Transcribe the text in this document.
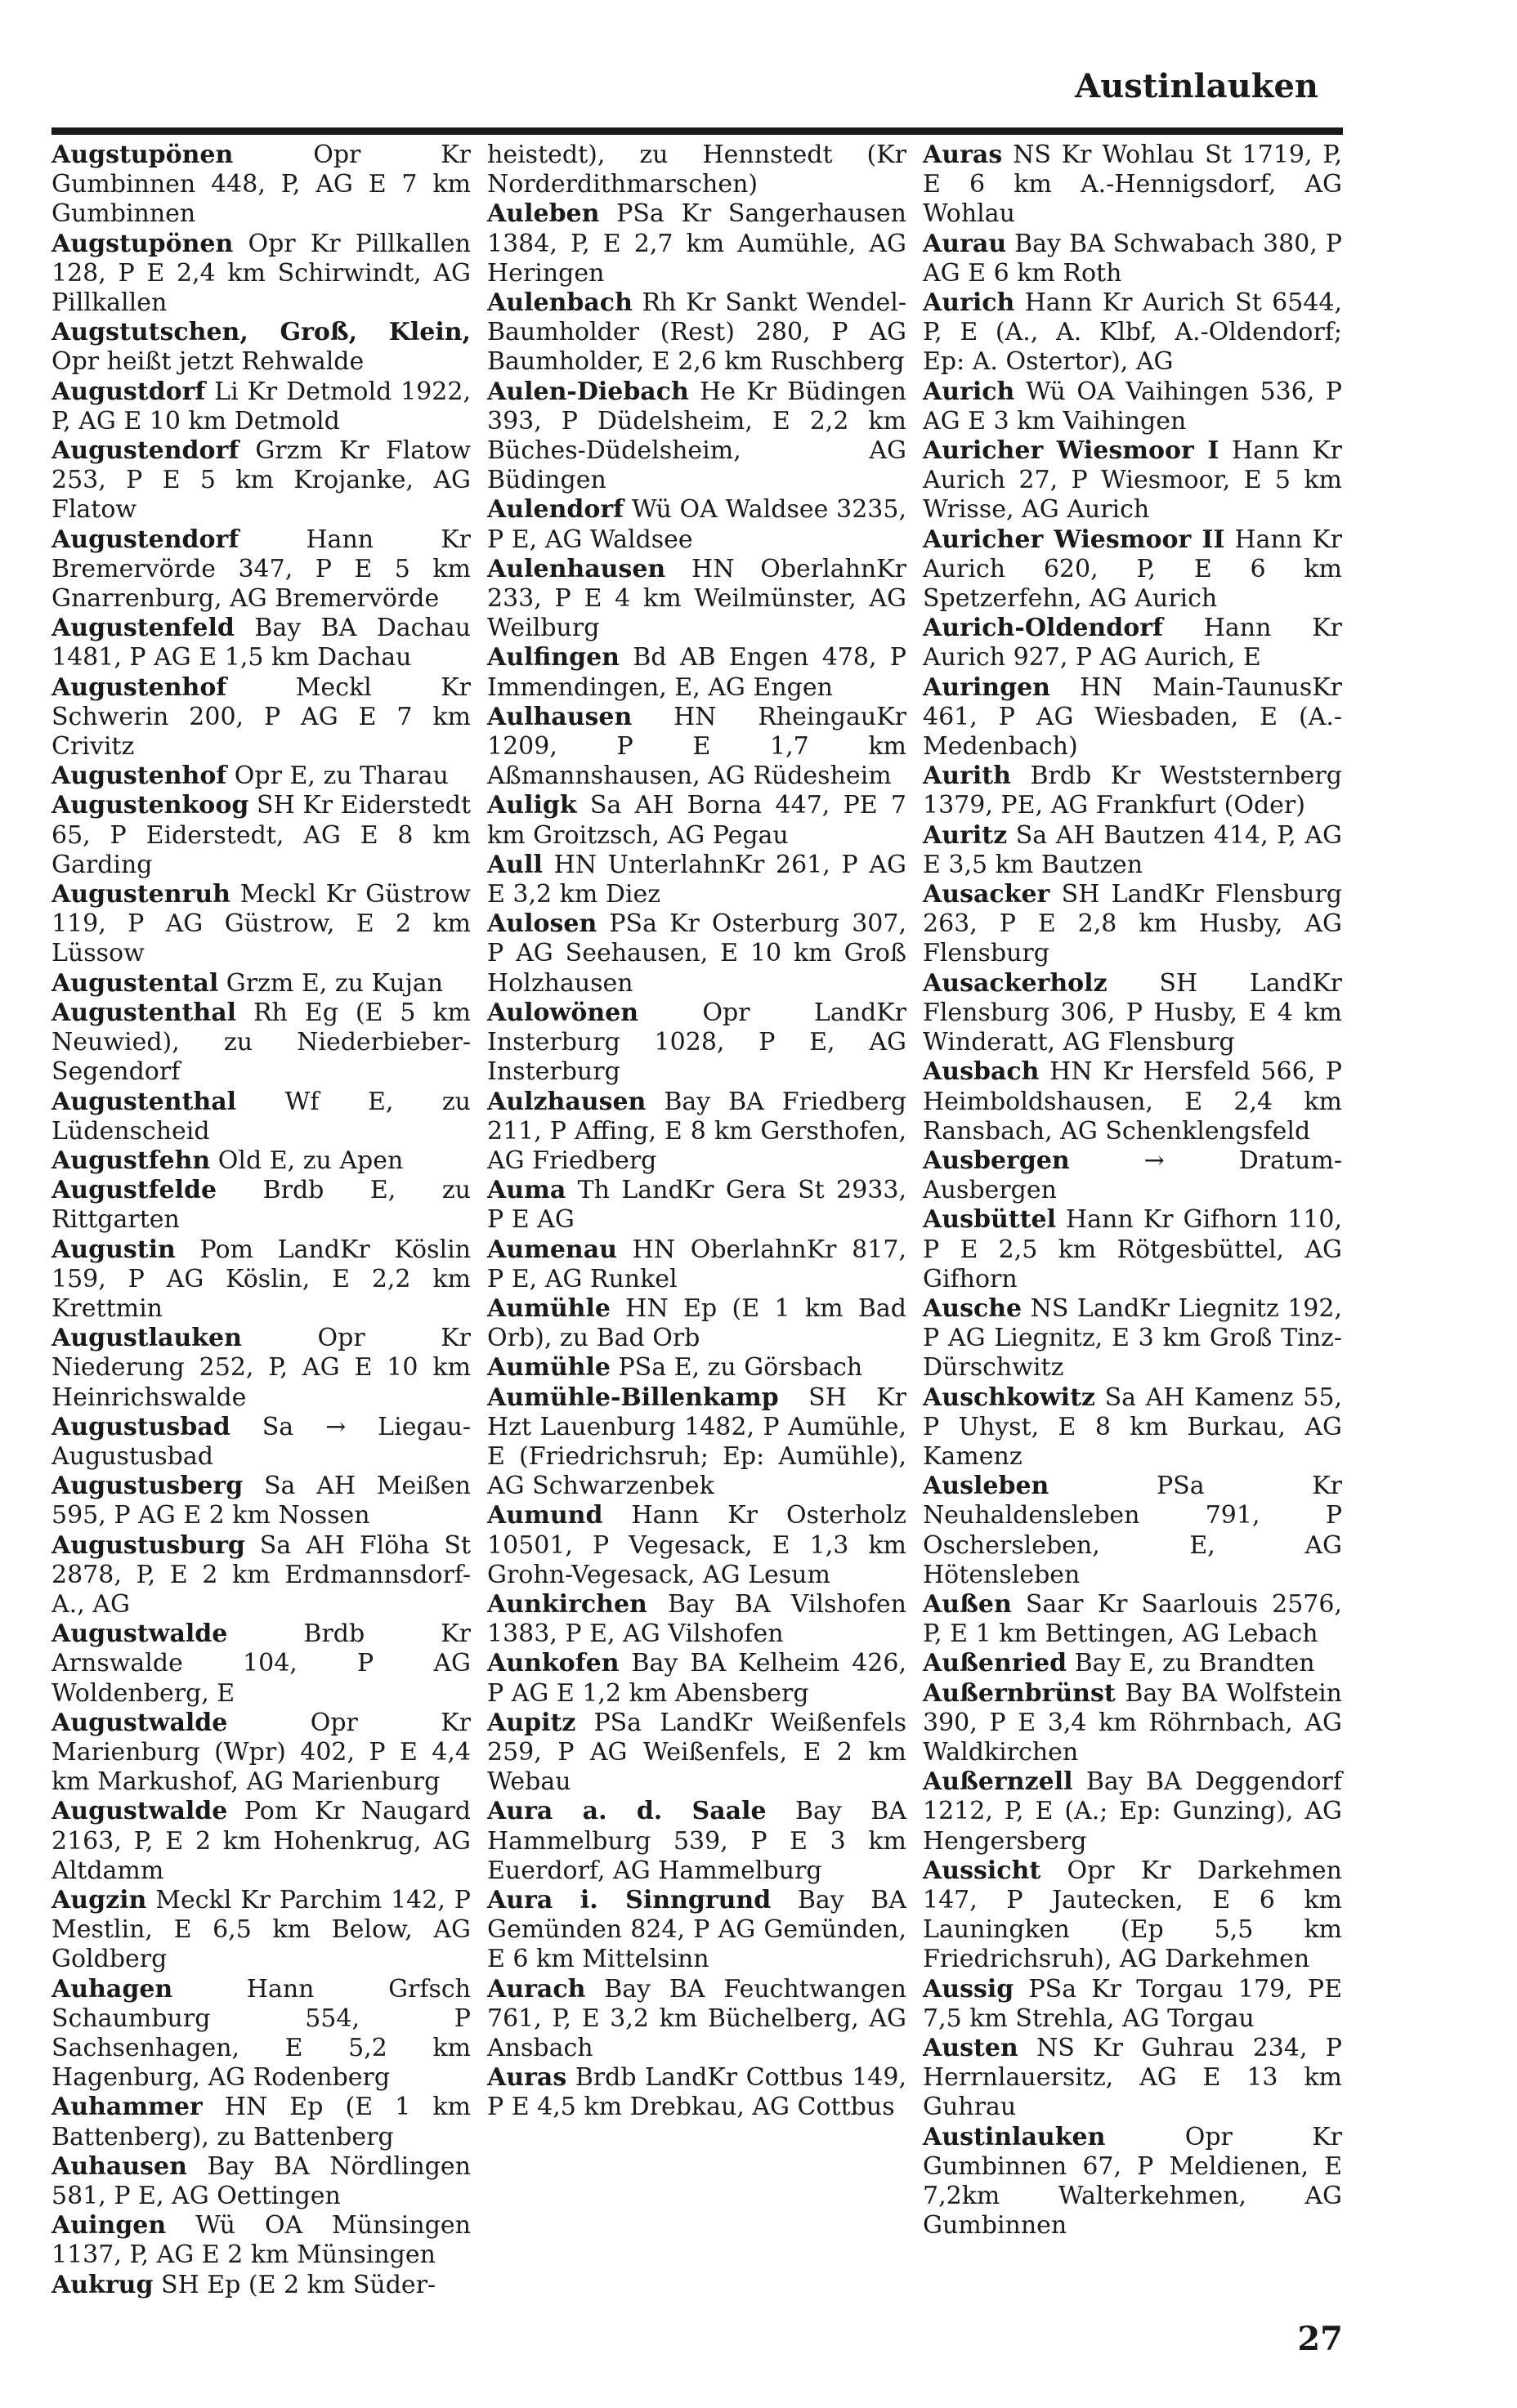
Austinlauken

Augstupönen	Opr Kr Gumbinnen 448, P, AG E 7 km Gumbinnen

Augstupönen Opr Kr Pillkallen 128, P E 2,4 km Schirwindt, AG Pillkallen

Augstutschen, Groß, Klein, Opr heißt jetzt Rehwalde

Augustdorf Li Kr Detmold 1922, P, AG E 10 km Detmold

Augustendorf Grzm Kr Flatow 253, P E 5 km Krojanke, AG Flatow

Augustendorf	Hann Kr Bremervörde 347, P E 5 km Gnarrenburg, AG Bremervörde

Augustenfeld Bay BA Dachau 1481, P AG E 1,5 km Dachau

Augustenhof	Meckl Kr Schwerin 200, P AG E 7 km Crivitz

Augustenhof Opr E, zu Tharau

Augustenkoog SH Kr Eiderstedt 65, P Eiderstedt, AG E 8 km Garding

Augustenruh Meckl Kr Güstrow 119, P AG Güstrow, E 2 km Lüssow

Augustental Grzm E, zu Kujan

Augustenthal Rh Eg (E 5 km Neuwied), zu Niederbieber-Segendorf

Augustenthal Wf E, zu Lüdenscheid

Augustfehn Old E, zu Apen

Augustfelde Brdb E, zu Rittgarten

Augustin Pom LandKr Köslin 159, P AG Köslin, E 2,2 km Krettmin

Augustlauken	Opr Kr Niederung 252, P, AG E 10 km Heinrichswalde

Augustusbad Sa → Liegau-Augustusbad

Augustusberg Sa AH Meißen 595, P AG E 2 km Nossen

Augustusburg Sa AH Flöha St 2878, P, E 2 km Erdmannsdorf-A., AG

Augustwalde	Brdb Kr Arnswalde 104, P AG Woldenberg, E

Augustwalde	Opr Kr Marienburg (Wpr) 402, P E 4,4 km Markushof, AG Marienburg

Augustwalde Pom Kr Naugard 2163, P, E 2 km Hohenkrug, AG Altdamm

Augzin Meckl Kr Parchim 142, P Mestlin, E 6,5 km Below, AG Goldberg

Auhagen	Hann Grfsch Schaumburg 554, P Sachsenhagen, E 5,2 km Hagenburg, AG Rodenberg

Auhammer HN Ep (E 1 km Battenberg), zu Battenberg

Auhausen Bay BA Nördlingen 581, P E, AG Oettingen

Auingen Wü OA Münsingen 1137, P, AG E 2 km Münsingen

Aukrug SH Ep (E 2 km Süder-

heistedt), zu Hennstedt (Kr Norderdithmarschen)

Auleben PSa Kr Sangerhausen 1384, P, E 2,7 km Aumühle, AG Heringen

Aulenbach Rh Kr Sankt Wendel-Baumholder (Rest) 280, P AG Baumholder, E 2,6 km Ruschberg

Aulen-Diebach He Kr Büdingen 393, P Düdelsheim, E 2,2 km Büches-Düdelsheim, AG Büdingen

Aulendorf Wü OA Waldsee 3235, P E, AG Waldsee

Aulenhausen HN OberlahnKr 233, P E 4 km Weilmünster, AG Weilburg

Aulfingen Bd AB Engen 478, P Immendingen, E, AG Engen

Aulhausen HN RheingauKr 1209, P E 1,7 km Aßmannshausen, AG Rüdesheim

Auligk Sa AH Borna 447, PE 7 km Groitzsch, AG Pegau

Aull HN UnterlahnKr 261, P AG E 3,2 km Diez

Aulosen PSa Kr Osterburg 307, P AG Seehausen, E 10 km Groß Holzhausen

Aulowönen	Opr LandKr Insterburg 1028, P E, AG Insterburg

Aulzhausen Bay BA Friedberg 211, P Affing, E 8 km Gersthofen, AG Friedberg

Auma Th LandKr Gera St 2933, P E AG

Aumenau HN OberlahnKr 817, P E, AG Runkel

Aumühle HN Ep (E 1 km Bad Orb), zu Bad Orb

Aumühle PSa E, zu Görsbach

Aumühle-Billenkamp SH Kr Hzt Lauenburg 1482, P Aumühle, E (Friedrichsruh; Ep: Aumühle), AG Schwarzenbek

Aumund Hann Kr Osterholz 10501, P Vegesack, E 1,3 km Grohn-Vegesack, AG Lesum

Aunkirchen Bay BA Vilshofen 1383, P E, AG Vilshofen

Aunkofen Bay BA Kelheim 426, P AG E 1,2 km Abensberg

Aupitz PSa LandKr Weißenfels 259, P AG Weißenfels, E 2 km Webau

Aura a. d. Saale Bay BA Hammelburg 539, P E 3 km Euerdorf, AG Hammelburg

Aura i. Sinngrund Bay BA Gemünden 824, P AG Gemünden, E 6 km Mittelsinn

Aurach Bay BA Feuchtwangen 761, P, E 3,2 km Büchelberg, AG Ansbach

Auras Brdb LandKr Cottbus 149, P E 4,5 km Drebkau, AG Cottbus

Auras NS Kr Wohlau St 1719, P, E 6 km A.-Hennigsdorf, AG Wohlau

Aurau Bay BA Schwabach 380, P AG E 6 km Roth

Aurich Hann Kr Aurich St 6544, P, E (A., A. Klbf, A.-Oldendorf; Ep: A. Ostertor), AG

Aurich Wü OA Vaihingen 536, P AG E 3 km Vaihingen

Auricher Wiesmoor I Hann Kr Aurich 27, P Wiesmoor, E 5 km Wrisse, AG Aurich

Auricher Wiesmoor II Hann Kr Aurich 620, P, E 6 km Spetzerfehn, AG Aurich

Aurich-Oldendorf Hann Kr Aurich 927, P AG Aurich, E

Auringen HN Main-TaunusKr 461, P AG Wiesbaden, E (A.-Medenbach)

Aurith Brdb Kr Weststernberg 1379, PE, AG Frankfurt (Oder)

Auritz Sa AH Bautzen 414, P, AG E 3,5 km Bautzen

Ausacker SH LandKr Flensburg 263, P E 2,8 km Husby, AG Flensburg

Ausackerholz SH LandKr Flensburg 306, P Husby, E 4 km Winderatt, AG Flensburg

Ausbach HN Kr Hersfeld 566, P Heimboldshausen, E 2,4 km Ransbach, AG Schenklengsfeld

Ausbergen	→ Dratum-Ausbergen

Ausbüttel Hann Kr Gifhorn 110, P E 2,5 km Rötgesbüttel, AG Gifhorn

Ausche NS LandKr Liegnitz 192, P AG Liegnitz, E 3 km Groß Tinz-Dürschwitz

Auschkowitz Sa AH Kamenz 55, P Uhyst, E 8 km Burkau, AG Kamenz

Ausleben	PSa Kr Neuhaldensleben 791, P Oschersleben, E, AG Hötensleben

Außen Saar Kr Saarlouis 2576, P, E 1 km Bettingen, AG Lebach

Außenried Bay E, zu Brandten

Außernbrünst Bay BA Wolfstein 390, P E 3,4 km Röhrnbach, AG Waldkirchen

Außernzell Bay BA Deggendorf 1212, P, E (A.; Ep: Gunzing), AG Hengersberg

Aussicht Opr Kr Darkehmen 147, P Jautecken, E 6 km Launingken (Ep 5,5 km Friedrichsruh), AG Darkehmen

Aussig PSa Kr Torgau 179, PE 7,5 km Strehla, AG Torgau

Austen NS Kr Guhrau 234, P Herrnlauersitz, AG E 13 km Guhrau

Austinlauken	Opr Kr Gumbinnen 67, P Meldienen, E 7,2km Walterkehmen, AG Gumbinnen

27
